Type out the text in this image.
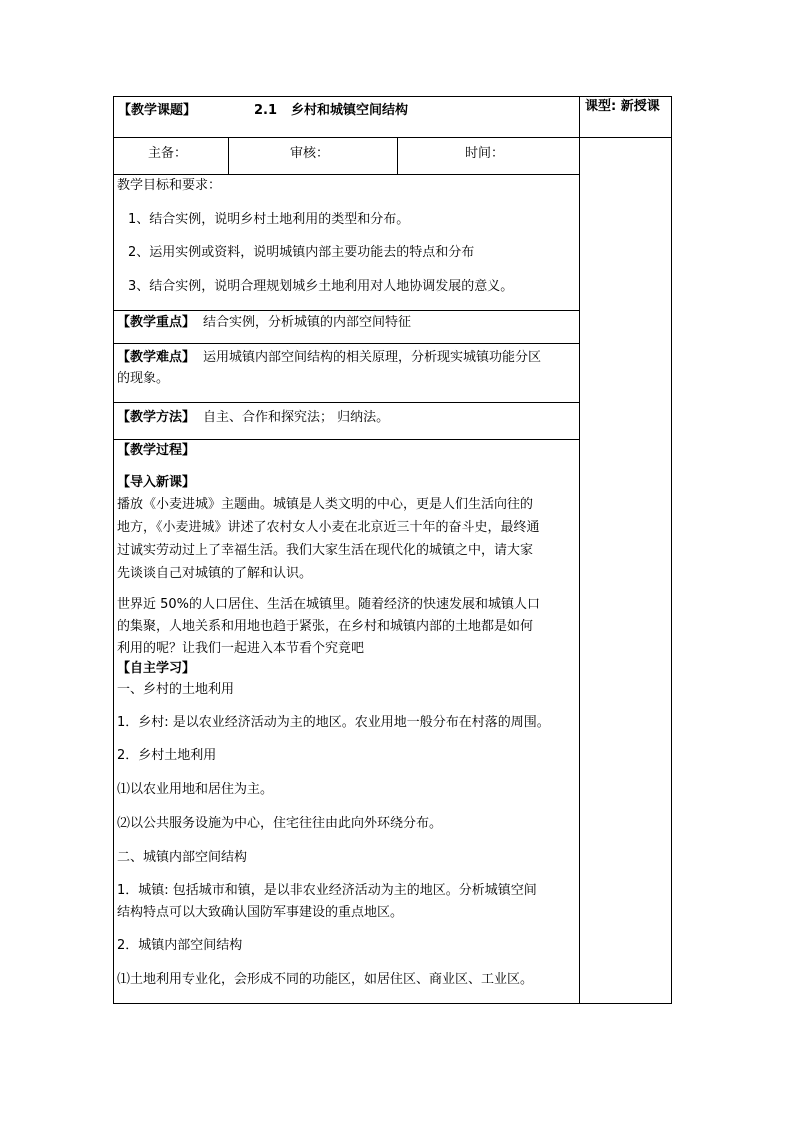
【教学课题】	2.1 乡村和城镇空间结构	课型: 新授课
主备：	审核：	时间：
教学目标和要求：
1、结合实例，说明乡村土地利用的类型和分布。
2、运用实例或资料，说明城镇内部主要功能去的特点和分布
3、结合实例，说明合理规划城乡土地利用对人地协调发展的意义。
【教学重点】 结合实例，分析城镇的内部空间特征
【教学难点】 运用城镇内部空间结构的相关原理，分析现实城镇功能分区
的现象。
【教学方法】 自主、合作和探究法； 归纳法。
【教学过程】
【导入新课】
播放《小麦进城》主题曲。城镇是人类文明的中心，更是人们生活向往的
地方，《小麦进城》讲述了农村女人小麦在北京近三十年的奋斗史，最终通
过诚实劳动过上了幸福生活。我们大家生活在现代化的城镇之中，请大家
先谈谈自己对城镇的了解和认识。
世界近 50%的人口居住、生活在城镇里。随着经济的快速发展和城镇人口
的集聚，人地关系和用地也趋于紧张，在乡村和城镇内部的土地都是如何
利用的呢？让我们一起进入本节看个究竟吧
【自主学习】
一、乡村的土地利用
1．乡村: 是以农业经济活动为主的地区。农业用地一般分布在村落的周围。
2．乡村土地利用
⑴以农业用地和居住为主。
⑵以公共服务设施为中心，住宅往往由此向外环绕分布。
二、城镇内部空间结构
1．城镇: 包括城市和镇，是以非农业经济活动为主的地区。分析城镇空间
结构特点可以大致确认国防军事建设的重点地区。
2．城镇内部空间结构
⑴土地利用专业化，会形成不同的功能区，如居住区、商业区、工业区。
